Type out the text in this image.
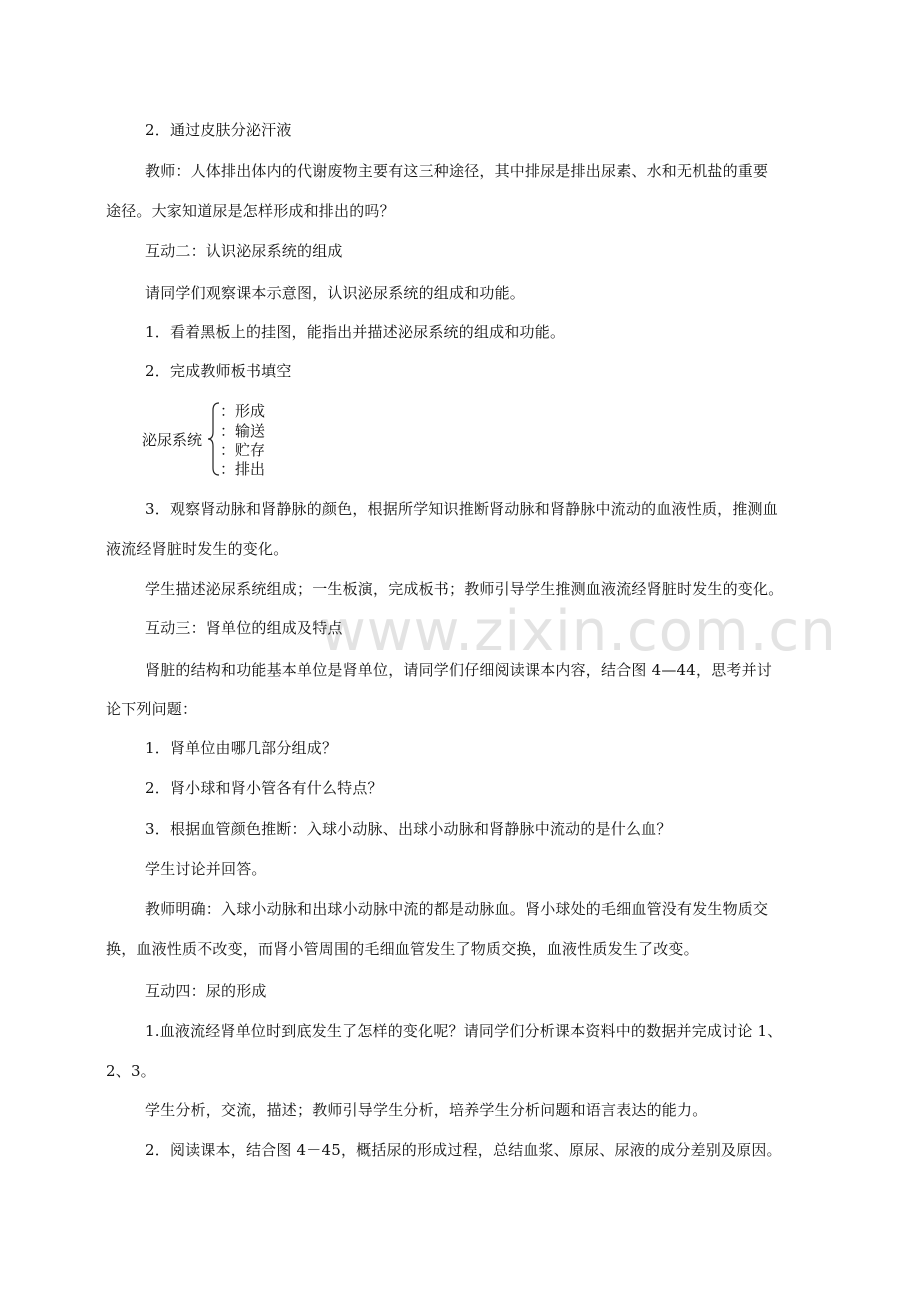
www.zixin.com.cn
2．通过皮肤分泌汗液
教师：人体排出体内的代谢废物主要有这三种途径，其中排尿是排出尿素、水和无机盐的重要
途径。大家知道尿是怎样形成和排出的吗？
互动二：认识泌尿系统的组成
请同学们观察课本示意图，认识泌尿系统的组成和功能。
1．看着黑板上的挂图，能指出并描述泌尿系统的组成和功能。
2．完成教师板书填空
泌尿系统
：形成
：输送
：贮存
：排出
3．观察肾动脉和肾静脉的颜色，根据所学知识推断肾动脉和肾静脉中流动的血液性质，推测血
液流经肾脏时发生的变化。
学生描述泌尿系统组成；一生板演，完成板书；教师引导学生推测血液流经肾脏时发生的变化。
互动三：肾单位的组成及特点
肾脏的结构和功能基本单位是肾单位，请同学们仔细阅读课本内容，结合图 4—44，思考并讨
论下列问题：
1．肾单位由哪几部分组成？
2．肾小球和肾小管各有什么特点？
3．根据血管颜色推断：入球小动脉、出球小动脉和肾静脉中流动的是什么血？
学生讨论并回答。
教师明确：入球小动脉和出球小动脉中流的都是动脉血。肾小球处的毛细血管没有发生物质交
换，血液性质不改变，而肾小管周围的毛细血管发生了物质交换，血液性质发生了改变。
互动四：尿的形成
1.血液流经肾单位时到底发生了怎样的变化呢？请同学们分析课本资料中的数据并完成讨论 1、
2、3。
学生分析，交流，描述；教师引导学生分析，培养学生分析问题和语言表达的能力。
2．阅读课本，结合图 4－45，概括尿的形成过程，总结血浆、原尿、尿液的成分差别及原因。
